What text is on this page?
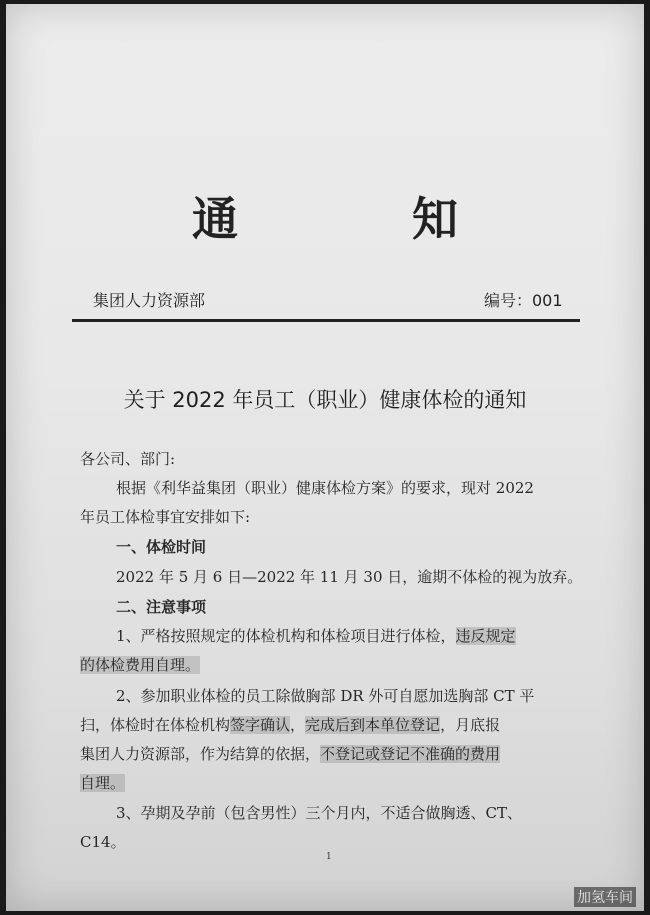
通	知
集团人力资源部	编号：001
关于 2022 年员工（职业）健康体检的通知
各公司、部门:
根据《利华益集团（职业）健康体检方案》的要求，现对 2022
年员工体检事宜安排如下:
一、体检时间
2022 年 5 月 6 日—2022 年 11 月 30 日，逾期不体检的视为放弃。
二、注意事项
1、严格按照规定的体检机构和体检项目进行体检，违反规定
的体检费用自理。
2、参加职业体检的员工除做胸部 DR 外可自愿加选胸部 CT 平
扫，体检时在体检机构签字确认，完成后到本单位登记，月底报
集团人力资源部，作为结算的依据，不登记或登记不准确的费用
自理。
3、孕期及孕前（包含男性）三个月内，不适合做胸透、CT、
C14。
1
加氢车间
